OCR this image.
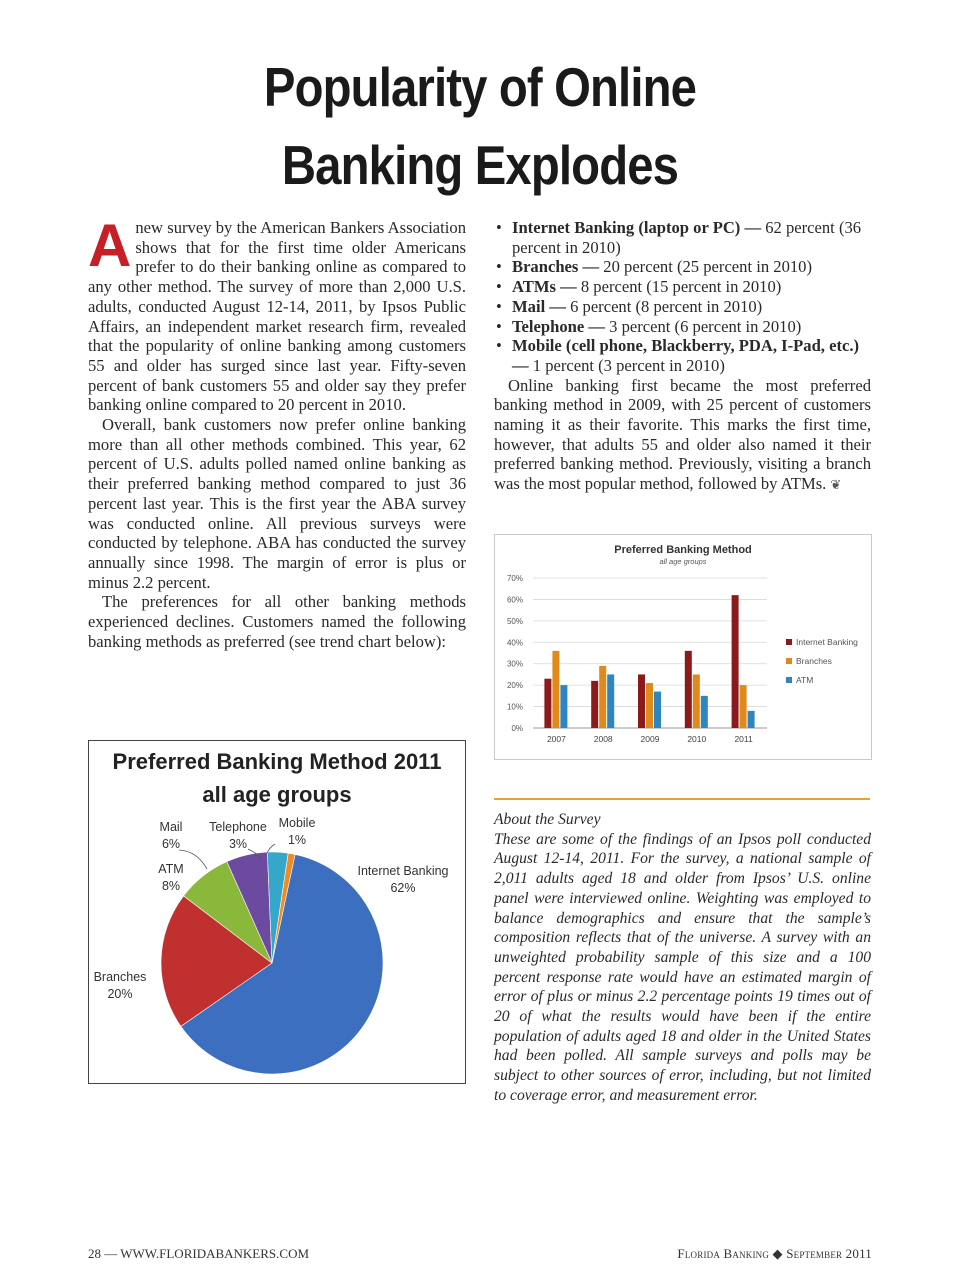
Popularity of Online
Banking Explodes

Anew survey by the American Bankers Association shows that for the first time older Americans prefer to do their banking online as compared to any other method. The survey of more than 2,000 U.S. adults, conducted August 12-14, 2011, by Ipsos Public Affairs, an independent market research firm, revealed that the popularity of online banking among customers 55 and older has surged since last year. Fifty-seven percent of bank customers 55 and older say they prefer banking online compared to 20 percent in 2010.

Overall, bank customers now prefer online banking more than all other methods combined. This year, 62 percent of U.S. adults polled named online banking as their preferred banking method compared to just 36 percent last year. This is the first year the ABA survey was conducted online. All previous surveys were conducted by telephone. ABA has conducted the survey annually since 1998. The margin of error is plus or minus 2.2 percent.

The preferences for all other banking methods experienced declines. Customers named the following banking methods as preferred (see trend chart below):

• Internet Banking (laptop or PC) — 62 percent (36 percent in 2010)
• Branches — 20 percent (25 percent in 2010)
• ATMs — 8 percent (15 percent in 2010)
• Mail — 6 percent (8 percent in 2010)
• Telephone — 3 percent (6 percent in 2010)
• Mobile (cell phone, Blackberry, PDA, I-Pad, etc.) — 1 percent (3 percent in 2010)

Online banking first became the most preferred banking method in 2009, with 25 percent of customers naming it as their favorite. This marks the first time, however, that adults 55 and older also named it their preferred banking method. Previously, visiting a branch was the most popular method, followed by ATMs. ❦

Preferred Banking Method
all age groups
0%
10%
20%
30%
40%
50%
60%
70%
2007	2008	2009	2010	2011
Internet Banking
Branches
ATM
Preferred Banking Method 2011
all age groups
Internet Banking
62%
Branches
20%
ATM
8%
Mail
6%
Telephone
3%
Mobile
1%
About the Survey
These are some of the findings of an Ipsos poll conducted August 12-14, 2011. For the survey, a national sample of 2,011 adults aged 18 and older from Ipsos’ U.S. online panel were interviewed online. Weighting was employed to balance demographics and ensure that the sample’s composition reflects that of the universe. A survey with an unweighted probability sample of this size and a 100 percent response rate would have an estimated margin of error of plus or minus 2.2 percentage points 19 times out of 20 of what the results would have been if the entire population of adults aged 18 and older in the United States had been polled. All sample surveys and polls may be subject to other sources of error, including, but not limited to coverage error, and measurement error.
28 — WWW.FLORIDABANKERS.COM	Florida Banking ◆ September 2011
